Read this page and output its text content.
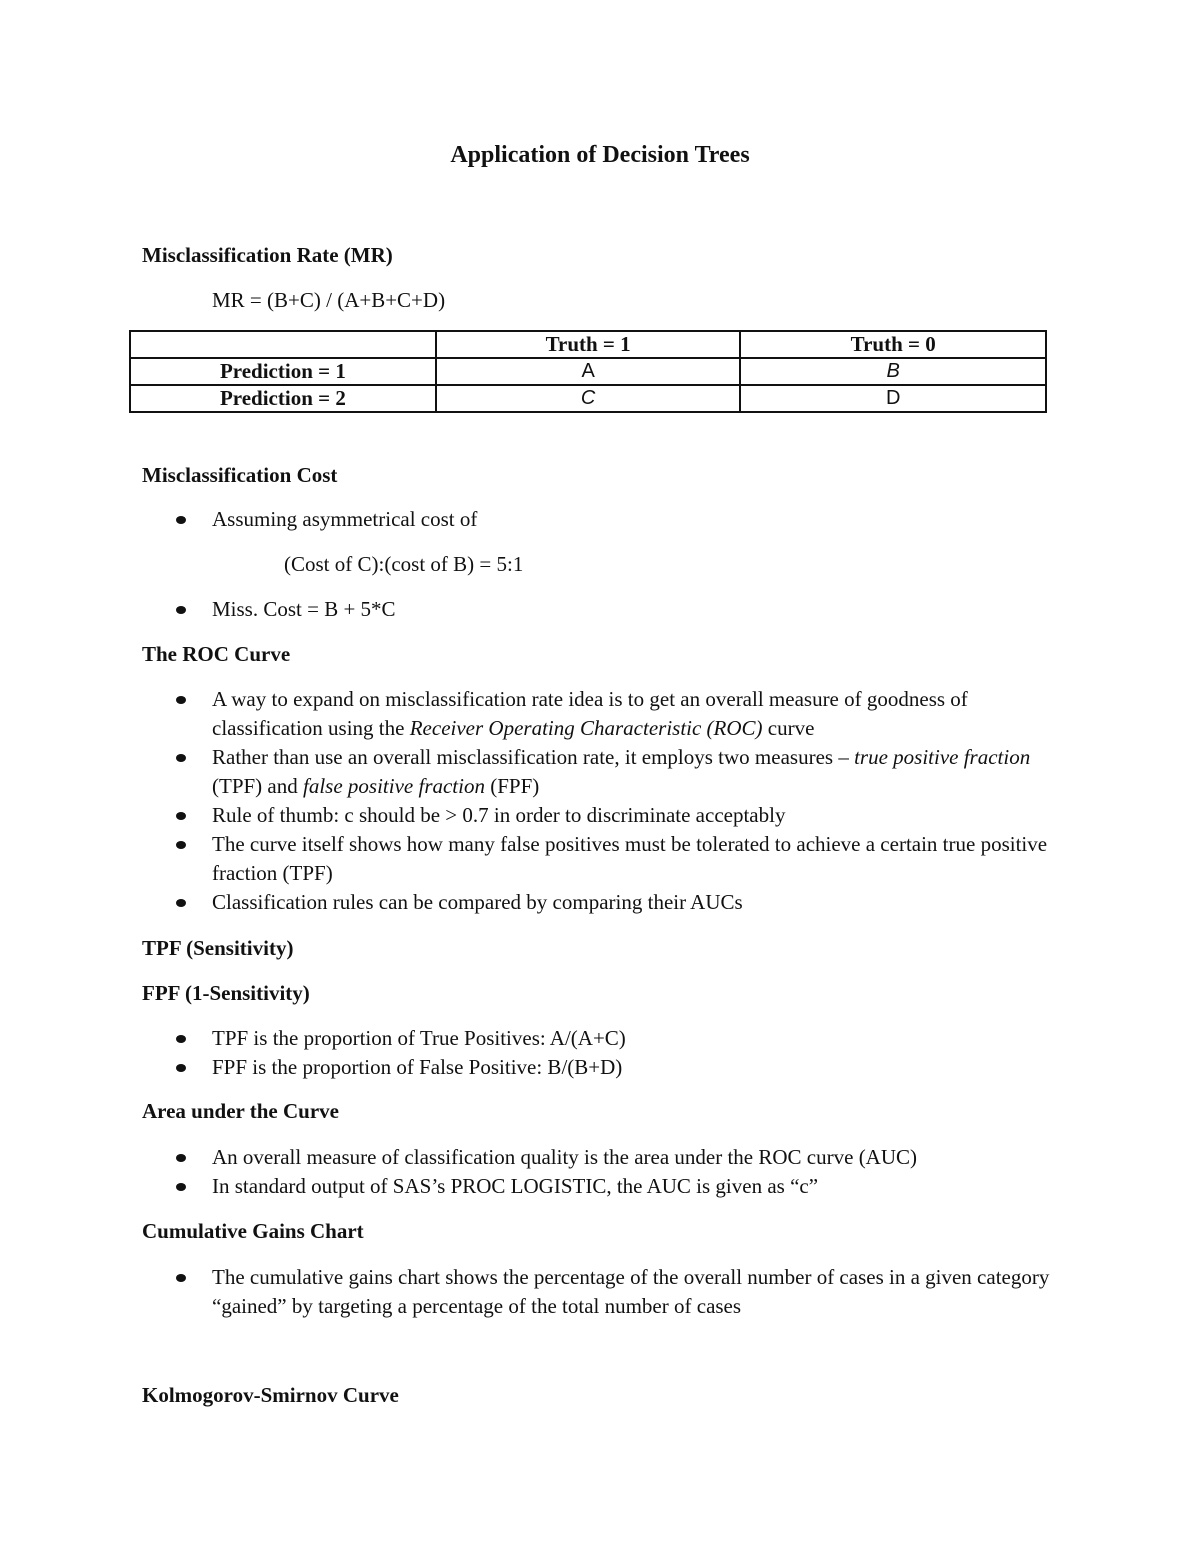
Application of Decision Trees
Misclassification Rate (MR)
MR = (B+C) / (A+B+C+D)
	Truth = 1	Truth = 0
Prediction = 1	A	B
Prediction = 2	C	D
Misclassification Cost
Assuming asymmetrical cost of
(Cost of C):(cost of B) = 5:1
Miss. Cost = B + 5*C
The ROC Curve
A way to expand on misclassification rate idea is to get an overall measure of goodness of classification using the Receiver Operating Characteristic (ROC) curve
Rather than use an overall misclassification rate, it employs two measures – true positive fraction (TPF) and false positive fraction (FPF)
Rule of thumb: c should be > 0.7 in order to discriminate acceptably
The curve itself shows how many false positives must be tolerated to achieve a certain true positive fraction (TPF)
Classification rules can be compared by comparing their AUCs
TPF (Sensitivity)
FPF (1-Sensitivity)
TPF is the proportion of True Positives: A/(A+C)
FPF is the proportion of False Positive: B/(B+D)
Area under the Curve
An overall measure of classification quality is the area under the ROC curve (AUC)
In standard output of SAS’s PROC LOGISTIC, the AUC is given as “c”
Cumulative Gains Chart
The cumulative gains chart shows the percentage of the overall number of cases in a given category “gained” by targeting a percentage of the total number of cases
Kolmogorov-Smirnov Curve
